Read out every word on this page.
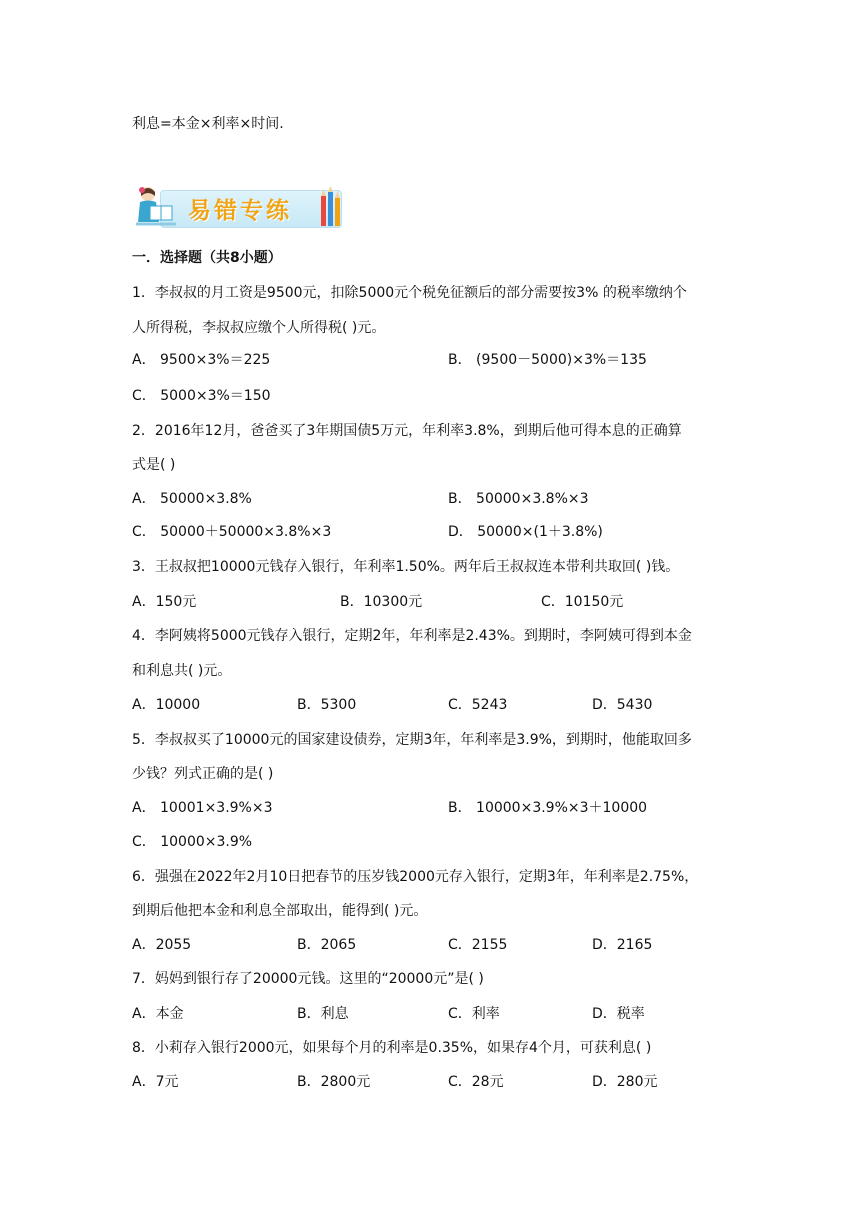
利息=本金×利率×时间.
易错专练
一．选择题（共8小题）
1．李叔叔的月工资是9500元，扣除5000元个税免征额后的部分需要按3% 的税率缴纳个
人所得税，李叔叔应缴个人所得税( )元。
A． 9500×3%＝225	B． (9500－5000)×3%＝135
C． 5000×3%＝150
2．2016年12月，爸爸买了3年期国债5万元，年利率3.8%，到期后他可得本息的正确算
式是( )
A． 50000×3.8%	B． 50000×3.8%×3
C． 50000＋50000×3.8%×3	D． 50000×(1＋3.8%)
3．王叔叔把10000元钱存入银行，年利率1.50%。两年后王叔叔连本带利共取回( )钱。
A．150元	B．10300元	C．10150元
4．李阿姨将5000元钱存入银行，定期2年，年利率是2.43%。到期时，李阿姨可得到本金
和利息共( )元。
A．10000	B．5300	C．5243	D．5430
5．李叔叔买了10000元的国家建设债券，定期3年，年利率是3.9%，到期时，他能取回多
少钱？列式正确的是( )
A． 10001×3.9%×3	B． 10000×3.9%×3＋10000
C． 10000×3.9%
6．强强在2022年2月10日把春节的压岁钱2000元存入银行，定期3年，年利率是2.75%，
到期后他把本金和利息全部取出，能得到( )元。
A．2055	B．2065	C．2155	D．2165
7．妈妈到银行存了20000元钱。这里的“20000元”是( )
A．本金	B．利息	C．利率	D．税率
8．小莉存入银行2000元，如果每个月的利率是0.35%，如果存4个月，可获利息( )
A．7元	B．2800元	C．28元	D．280元
